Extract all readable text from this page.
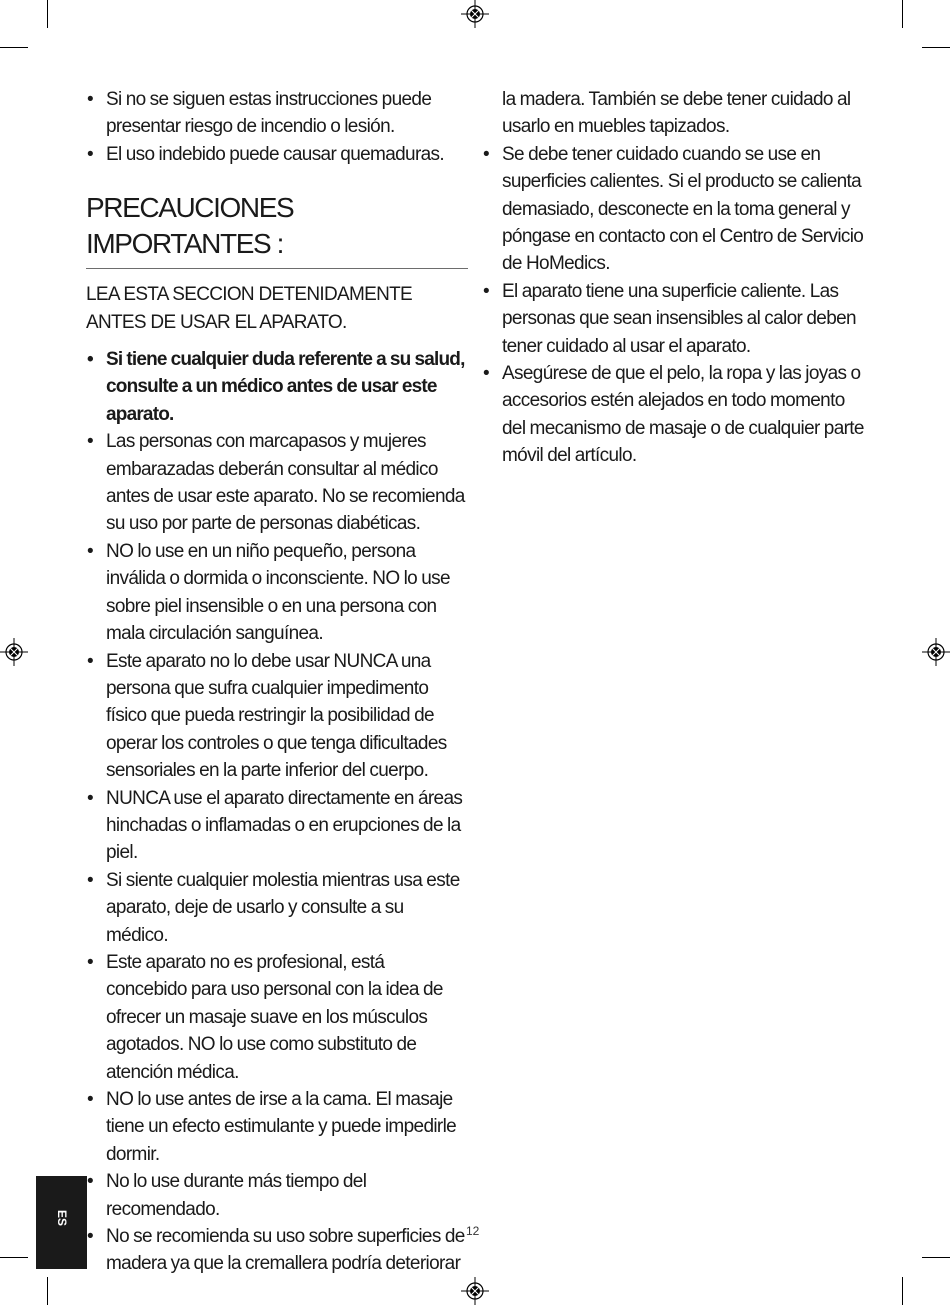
• Si no se siguen estas instrucciones puede presentar riesgo de incendio o lesión.
• El uso indebido puede causar quemaduras.
PRECAUCIONES IMPORTANTES :

LEA ESTA SECCION DETENIDAMENTE ANTES DE USAR EL APARATO.

• Si tiene cualquier duda referente a su salud, consulte a un médico antes de usar este aparato.
• Las personas con marcapasos y mujeres embarazadas deberán consultar al médico antes de usar este aparato. No se recomienda su uso por parte de personas diabéticas.
• NO lo use en un niño pequeño, persona inválida o dormida o inconsciente. NO lo use sobre piel insensible o en una persona con mala circulación sanguínea.
• Este aparato no lo debe usar NUNCA una persona que sufra cualquier impedimento físico que pueda restringir la posibilidad de operar los controles o que tenga dificultades sensoriales en la parte inferior del cuerpo.
• NUNCA use el aparato directamente en áreas hinchadas o inflamadas o en erupciones de la piel.
• Si siente cualquier molestia mientras usa este aparato, deje de usarlo y consulte a su médico.
• Este aparato no es profesional, está concebido para uso personal con la idea de ofrecer un masaje suave en los músculos agotados. NO lo use como substituto de atención médica.
• NO lo use antes de irse a la cama. El masaje tiene un efecto estimulante y puede impedirle dormir.
• No lo use durante más tiempo del recomendado.
• No se recomienda su uso sobre superficies de madera ya que la cremallera podría deteriorar
la madera. También se debe tener cuidado al usarlo en muebles tapizados.
• Se debe tener cuidado cuando se use en superficies calientes. Si el producto se calienta demasiado, desconecte en la toma general y póngase en contacto con el Centro de Servicio de HoMedics.
• El aparato tiene una superficie caliente. Las personas que sean insensibles al calor deben tener cuidado al usar el aparato.
• Asegúrese de que el pelo, la ropa y las joyas o accesorios estén alejados en todo momento del mecanismo de masaje o de cualquier parte móvil del artículo.
ES
12
